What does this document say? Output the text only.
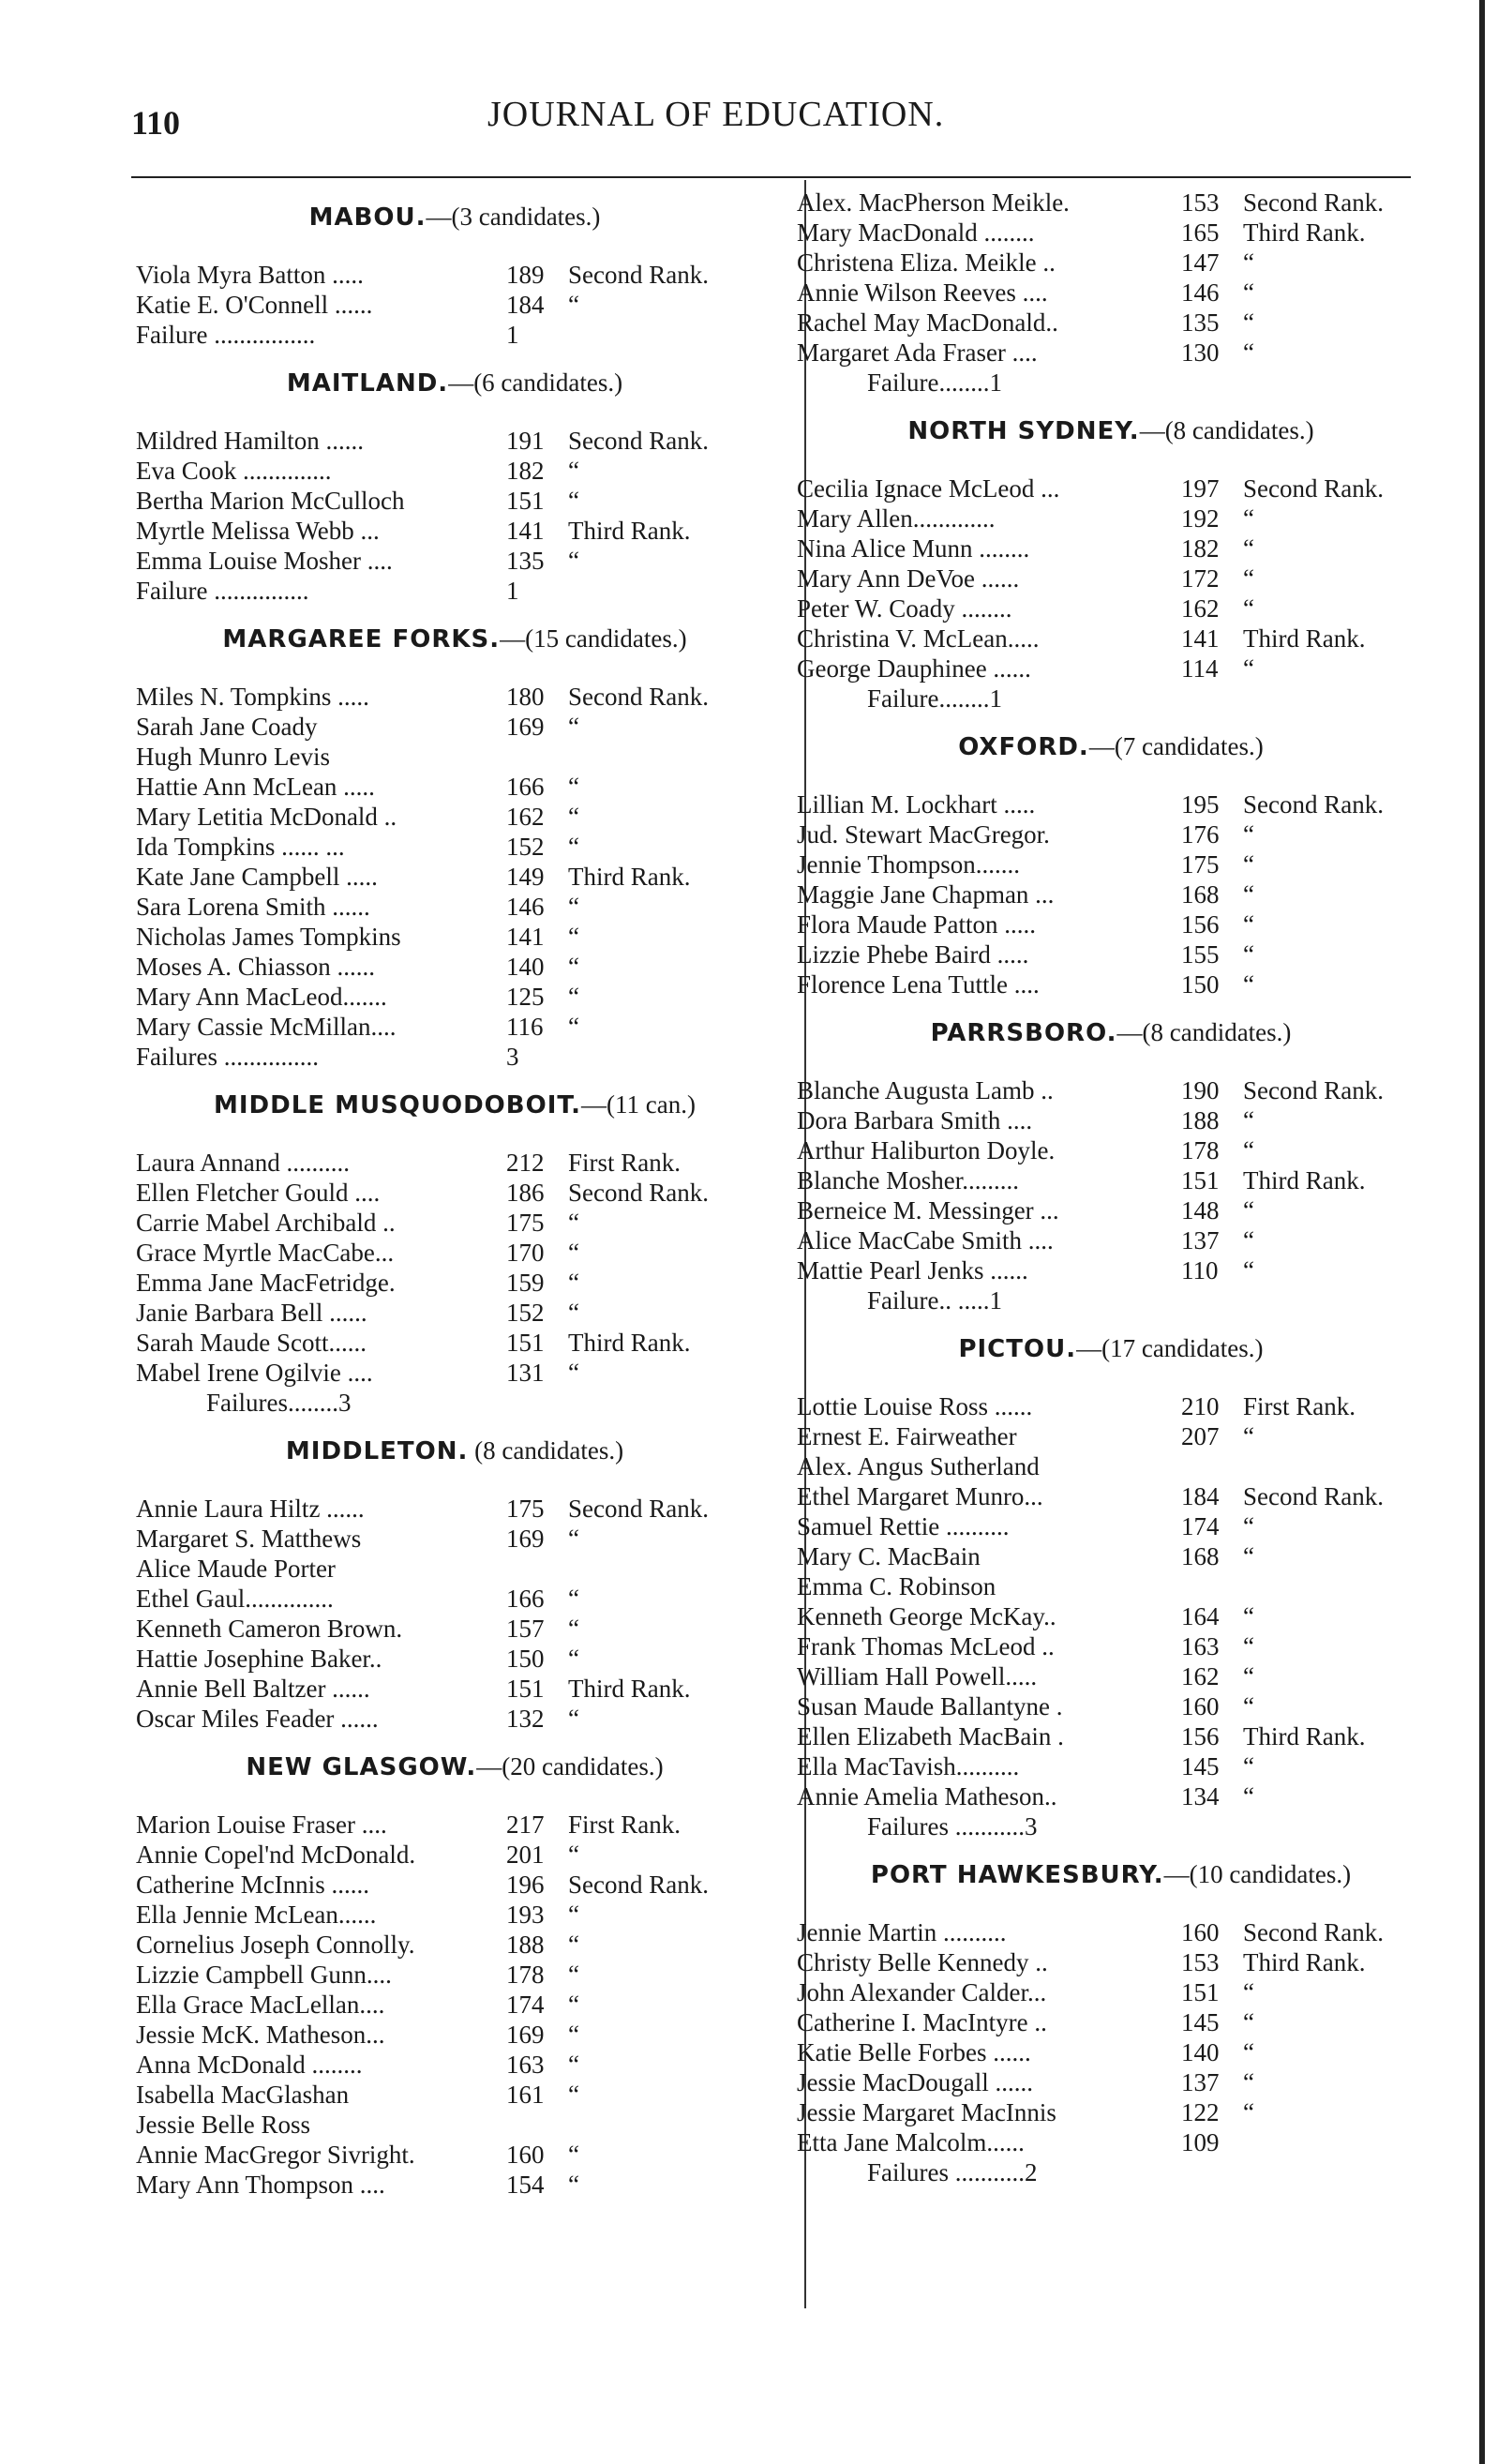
110	JOURNAL OF EDUCATION.
MABOU.—(3 candidates.)
Viola Myra Batton .....	189 Second Rank.
Katie E. O'Connell ......	184 “
Failure ................	1
MAITLAND.—(6 candidates.)
Mildred Hamilton ......	191 Second Rank.
Eva Cook ..............	182 “
Bertha Marion McCulloch	151 “
Myrtle Melissa Webb ...	141 Third Rank.
Emma Louise Mosher ....	135 “
Failure ...............	1
MARGAREE FORKS.—(15 candidates.)
Miles N. Tompkins .....	180 Second Rank.
Sarah Jane Coady	169 “
Hugh Munro Levis
Hattie Ann McLean .....	166 “
Mary Letitia McDonald ..	162 “
Ida Tompkins ...... ...	152 “
Kate Jane Campbell .....	149 Third Rank.
Sara Lorena Smith ......	146 “
Nicholas James Tompkins	141 “
Moses A. Chiasson ......	140 “
Mary Ann MacLeod.......	125 “
Mary Cassie McMillan....	116 “
Failures ...............	3
MIDDLE MUSQUODOBOIT.—(11 can.)
Laura Annand ..........	212 First Rank.
Ellen Fletcher Gould ....	186 Second Rank.
Carrie Mabel Archibald ..	175 “
Grace Myrtle MacCabe...	170 “
Emma Jane MacFetridge.	159 “
Janie Barbara Bell ......	152 “
Sarah Maude Scott......	151 Third Rank.
Mabel Irene Ogilvie ....	131 “
Failures........3
MIDDLETON. (8 candidates.)
Annie Laura Hiltz ......	175 Second Rank.
Margaret S. Matthews	169 “
Alice Maude Porter
Ethel Gaul..............	166 “
Kenneth Cameron Brown.	157 “
Hattie Josephine Baker..	150 “
Annie Bell Baltzer ......	151 Third Rank.
Oscar Miles Feader ......	132 “
NEW GLASGOW.—(20 candidates.)
Marion Louise Fraser ....	217 First Rank.
Annie Copel'nd McDonald.	201 “
Catherine McInnis ......	196 Second Rank.
Ella Jennie McLean......	193 “
Cornelius Joseph Connolly.	188 “
Lizzie Campbell Gunn....	178 “
Ella Grace MacLellan....	174 “
Jessie McK. Matheson...	169 “
Anna McDonald ........	163 “
Isabella MacGlashan	161 “
Jessie Belle Ross
Annie MacGregor Sivright.	160 “
Mary Ann Thompson ....	154 “
Alex. MacPherson Meikle.	153 Second Rank.
Mary MacDonald ........	165 Third Rank.
Christena Eliza. Meikle ..	147 “
Annie Wilson Reeves ....	146 “
Rachel May MacDonald..	135 “
Margaret Ada Fraser ....	130 “
Failure........1
NORTH SYDNEY.—(8 candidates.)
Cecilia Ignace McLeod ...	197 Second Rank.
Mary Allen.............	192 “
Nina Alice Munn ........	182 “
Mary Ann DeVoe ......	172 “
Peter W. Coady ........	162 “
Christina V. McLean.....	141 Third Rank.
George Dauphinee ......	114 “
Failure........1
OXFORD.—(7 candidates.)
Lillian M. Lockhart .....	195 Second Rank.
Jud. Stewart MacGregor.	176 “
Jennie Thompson.......	175 “
Maggie Jane Chapman ...	168 “
Flora Maude Patton .....	156 “
Lizzie Phebe Baird .....	155 “
Florence Lena Tuttle ....	150 “
PARRSBORO.—(8 candidates.)
Blanche Augusta Lamb ..	190 Second Rank.
Dora Barbara Smith ....	188 “
Arthur Haliburton Doyle.	178 “
Blanche Mosher.........	151 Third Rank.
Berneice M. Messinger ...	148 “
Alice MacCabe Smith ....	137 “
Mattie Pearl Jenks ......	110 “
Failure.. .....1
PICTOU.—(17 candidates.)
Lottie Louise Ross ......	210 First Rank.
Ernest E. Fairweather	207 “
Alex. Angus Sutherland
Ethel Margaret Munro...	184 Second Rank.
Samuel Rettie ..........	174 “
Mary C. MacBain	168 “
Emma C. Robinson
Kenneth George McKay..	164 “
Frank Thomas McLeod ..	163 “
William Hall Powell.....	162 “
Susan Maude Ballantyne .	160 “
Ellen Elizabeth MacBain .	156 Third Rank.
Ella MacTavish..........	145 “
Annie Amelia Matheson..	134 “
Failures ...........3
PORT HAWKESBURY.—(10 candidates.)
Jennie Martin ..........	160 Second Rank.
Christy Belle Kennedy ..	153 Third Rank.
John Alexander Calder...	151 “
Catherine I. MacIntyre ..	145 “
Katie Belle Forbes ......	140 “
Jessie MacDougall ......	137 “
Jessie Margaret MacInnis	122 “
Etta Jane Malcolm......	109
Failures ...........2
